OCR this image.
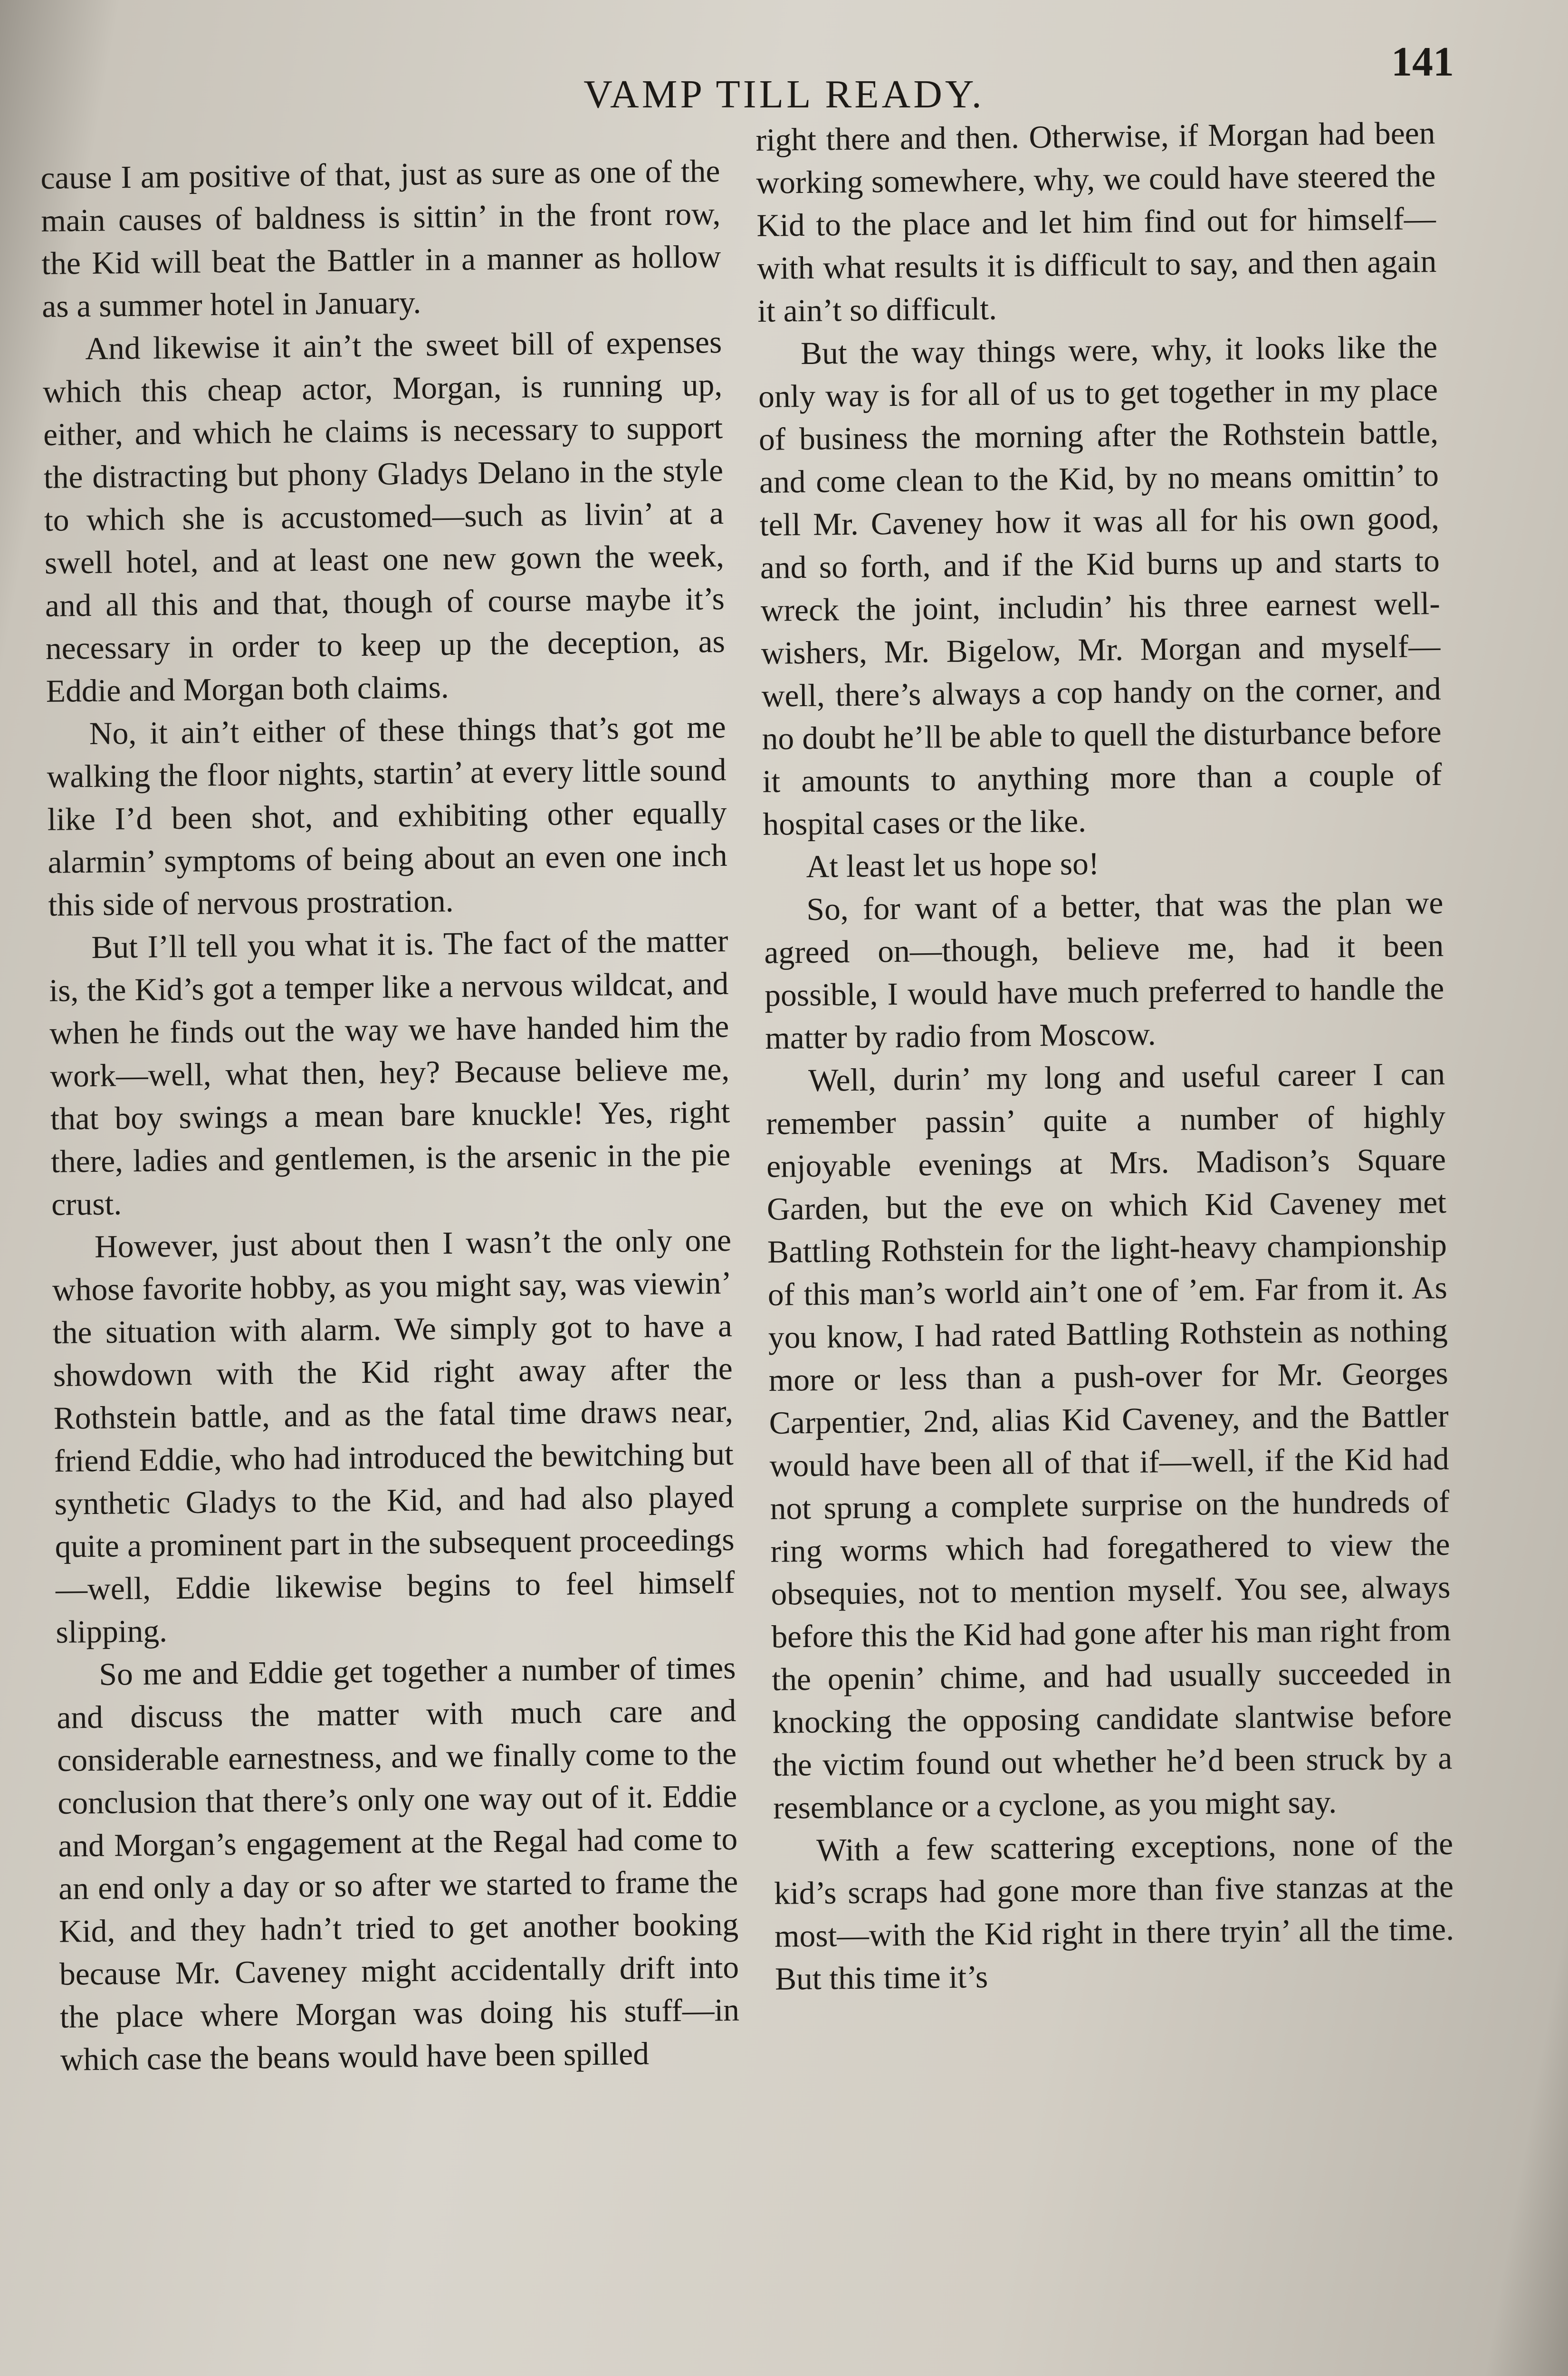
141
VAMP TILL READY.

cause I am positive of that, just as sure as one of the main causes of baldness is sittin’ in the front row, the Kid will beat the Battler in a manner as hollow as a summer hotel in January.

And likewise it ain’t the sweet bill of expenses which this cheap actor, Morgan, is running up, either, and which he claims is necessary to support the distracting but phony Gladys Delano in the style to which she is accustomed—such as livin’ at a swell hotel, and at least one new gown the week, and all this and that, though of course maybe it’s necessary in order to keep up the deception, as Eddie and Morgan both claims.

No, it ain’t either of these things that’s got me walking the floor nights, startin’ at every little sound like I’d been shot, and exhibiting other equally alarmin’ symptoms of being about an even one inch this side of nervous prostration.

But I’ll tell you what it is. The fact of the matter is, the Kid’s got a temper like a nervous wildcat, and when he finds out the way we have handed him the work—well, what then, hey? Because believe me, that boy swings a mean bare knuckle! Yes, right there, ladies and gentlemen, is the arsenic in the pie crust.

However, just about then I wasn’t the only one whose favorite hobby, as you might say, was viewin’ the situation with alarm. We simply got to have a showdown with the Kid right away after the Rothstein battle, and as the fatal time draws near, friend Eddie, who had introduced the bewitching but synthetic Gladys to the Kid, and had also played quite a prominent part in the subsequent proceedings—well, Eddie likewise begins to feel himself slipping.

So me and Eddie get together a number of times and discuss the matter with much care and considerable earnestness, and we finally come to the conclusion that there’s only one way out of it. Eddie and Morgan’s engagement at the Regal had come to an end only a day or so after we started to frame the Kid, and they hadn’t tried to get another booking because Mr. Caveney might accidentally drift into the place where Morgan was doing his stuff—in which case the beans would have been spilled

right there and then. Otherwise, if Morgan had been working somewhere, why, we could have steered the Kid to the place and let him find out for himself—with what results it is difficult to say, and then again it ain’t so difficult.

But the way things were, why, it looks like the only way is for all of us to get together in my place of business the morning after the Rothstein battle, and come clean to the Kid, by no means omittin’ to tell Mr. Caveney how it was all for his own good, and so forth, and if the Kid burns up and starts to wreck the joint, includin’ his three earnest well-wishers, Mr. Bigelow, Mr. Morgan and myself—well, there’s always a cop handy on the corner, and no doubt he’ll be able to quell the disturbance before it amounts to anything more than a couple of hospital cases or the like.

At least let us hope so!

So, for want of a better, that was the plan we agreed on—though, believe me, had it been possible, I would have much preferred to handle the matter by radio from Moscow.

Well, durin’ my long and useful career I can remember passin’ quite a number of highly enjoyable evenings at Mrs. Madison’s Square Garden, but the eve on which Kid Caveney met Battling Rothstein for the light-heavy championship of this man’s world ain’t one of ’em. Far from it. As you know, I had rated Battling Rothstein as nothing more or less than a push-over for Mr. Georges Carpentier, 2nd, alias Kid Caveney, and the Battler would have been all of that if—well, if the Kid had not sprung a complete surprise on the hundreds of ring worms which had foregathered to view the obsequies, not to mention myself. You see, always before this the Kid had gone after his man right from the openin’ chime, and had usually succeeded in knocking the opposing candidate slantwise before the victim found out whether he’d been struck by a resemblance or a cyclone, as you might say.

With a few scattering exceptions, none of the kid’s scraps had gone more than five stanzas at the most—with the Kid right in there tryin’ all the time. But this time it’s
